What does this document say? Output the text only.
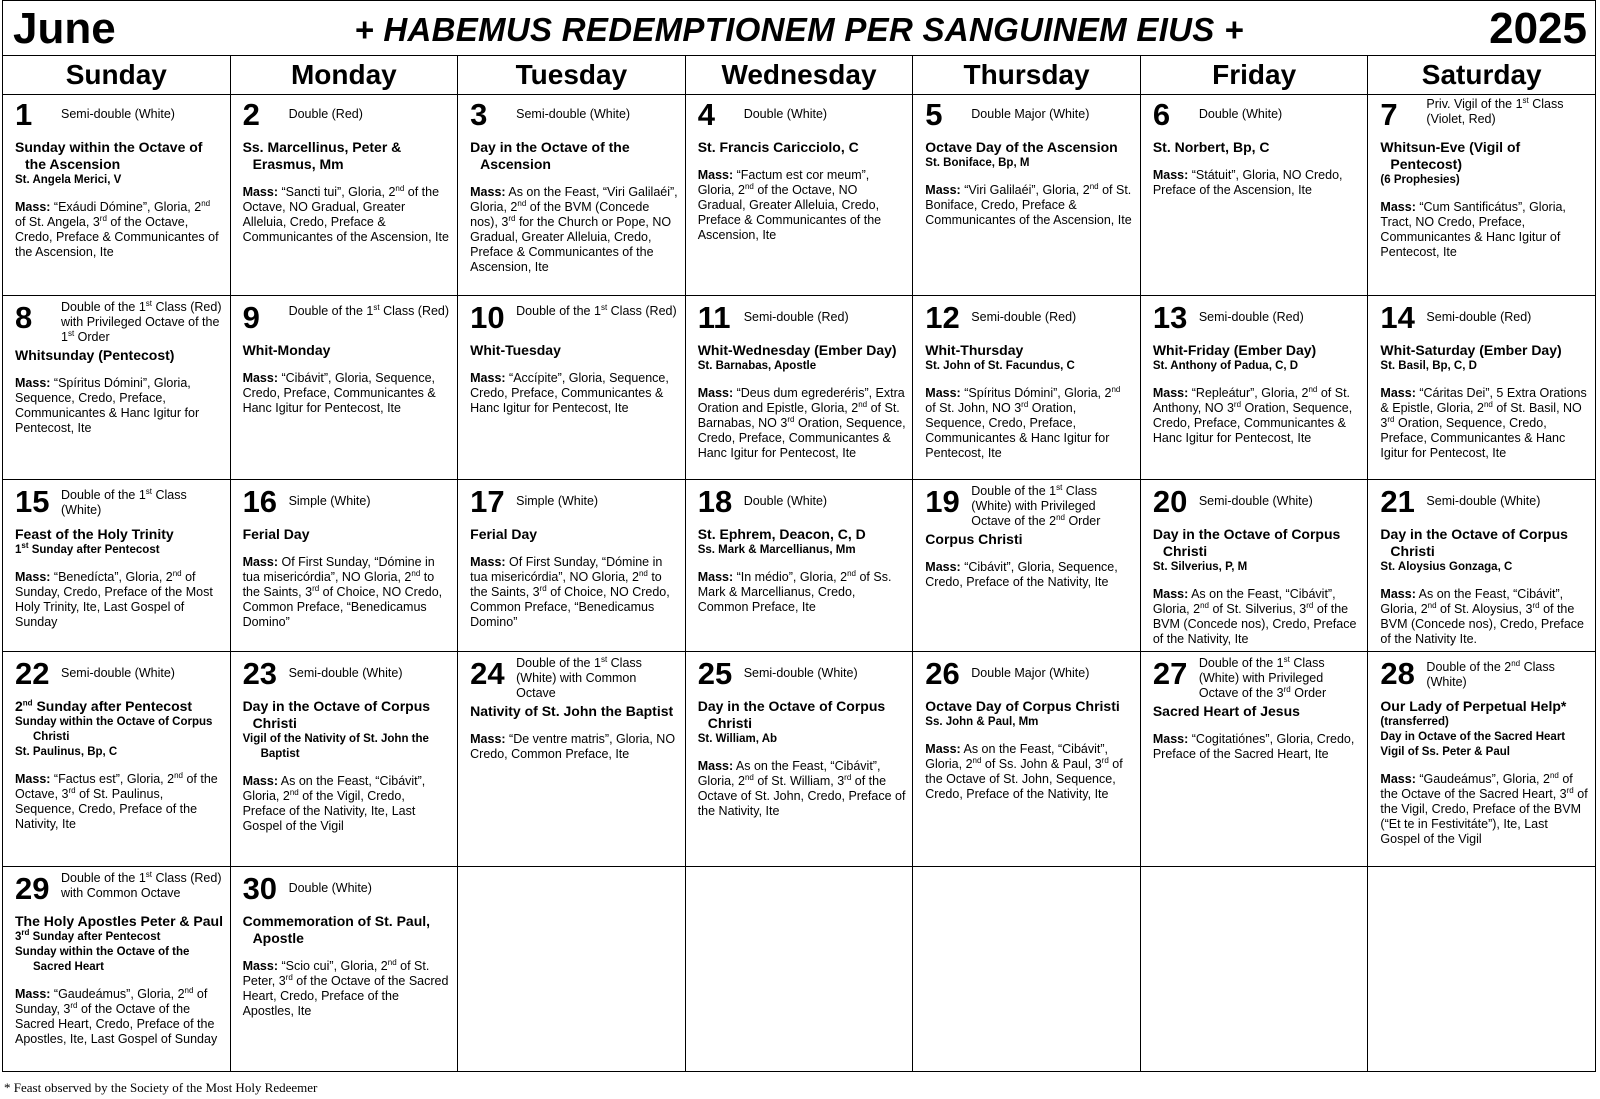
June	+ HABEMUS REDEMPTIONEM PER SANGUINEM EIUS +	2025
Sunday	Monday	Tuesday	Wednesday	Thursday	Friday	Saturday
1	Semi-double (White)
Sunday within the Octave of the Ascension
St. Angela Merici, V
Mass: “Exáudi Dómine”, Gloria, 2nd of St. Angela, 3rd of the Octave, Credo, Preface & Communicantes of the Ascension, Ite
2	Double (Red)
Ss. Marcellinus, Peter & Erasmus, Mm
Mass: “Sancti tui”, Gloria, 2nd of the Octave, NO Gradual, Greater Alleluia, Credo, Preface & Communicantes of the Ascension, Ite
3	Semi-double (White)
Day in the Octave of the Ascension
Mass: As on the Feast, “Viri Galilaéi”, Gloria, 2nd of the BVM (Concede nos), 3rd for the Church or Pope, NO Gradual, Greater Alleluia, Credo, Preface & Communicantes of the Ascension, Ite
4	Double (White)
St. Francis Caricciolo, C
Mass: “Factum est cor meum”, Gloria, 2nd of the Octave, NO Gradual, Greater Alleluia, Credo, Preface & Communicantes of the Ascension, Ite
5	Double Major (White)
Octave Day of the Ascension
St. Boniface, Bp, M
Mass: “Viri Galilaéi”, Gloria, 2nd of St. Boniface, Credo, Preface & Communicantes of the Ascension, Ite
6	Double (White)
St. Norbert, Bp, C
Mass: “Státuit”, Gloria, NO Credo, Preface of the Ascension, Ite
7	Priv. Vigil of the 1st Class (Violet, Red)
Whitsun-Eve (Vigil of Pentecost)
(6 Prophesies)
Mass: “Cum Santificátus”, Gloria, Tract, NO Credo, Preface, Communicantes & Hanc Igitur of Pentecost, Ite
8	Double of the 1st Class (Red) with Privileged Octave of the 1st Order
Whitsunday (Pentecost)
Mass: “Spíritus Dómini”, Gloria, Sequence, Credo, Preface, Communicantes & Hanc Igitur for Pentecost, Ite
9	Double of the 1st Class (Red)
Whit-Monday
Mass: “Cibávit”, Gloria, Sequence, Credo, Preface, Communicantes & Hanc Igitur for Pentecost, Ite
10 Double of the 1st Class (Red)
Whit-Tuesday
Mass: “Accípite”, Gloria, Sequence, Credo, Preface, Communicantes & Hanc Igitur for Pentecost, Ite
11	Semi-double (Red)
Whit-Wednesday (Ember Day)
St. Barnabas, Apostle
Mass: “Deus dum egrederéris”, Extra Oration and Epistle, Gloria, 2nd of St. Barnabas, NO 3rd Oration, Sequence, Credo, Preface, Communicantes & Hanc Igitur for Pentecost, Ite
12 Semi-double (Red)
Whit-Thursday
St. John of St. Facundus, C
Mass: “Spíritus Dómini”, Gloria, 2nd of St. John, NO 3rd Oration, Sequence, Credo, Preface, Communicantes & Hanc Igitur for Pentecost, Ite
13 Semi-double (Red)
Whit-Friday (Ember Day)
St. Anthony of Padua, C, D
Mass: “Repleátur”, Gloria, 2nd of St. Anthony, NO 3rd Oration, Sequence, Credo, Preface, Communicantes & Hanc Igitur for Pentecost, Ite
14 Semi-double (Red)
Whit-Saturday (Ember Day)
St. Basil, Bp, C, D
Mass: “Cáritas Dei”, 5 Extra Orations & Epistle, Gloria, 2nd of St. Basil, NO 3rd Oration, Sequence, Credo, Preface, Communicantes & Hanc Igitur for Pentecost, Ite
15 Double of the 1st Class (White)
Feast of the Holy Trinity
1st Sunday after Pentecost
Mass: “Benedícta”, Gloria, 2nd of Sunday, Credo, Preface of the Most Holy Trinity, Ite, Last Gospel of Sunday
16 Simple (White)
Ferial Day
Mass: Of First Sunday, “Dómine in tua misericórdia”, NO Gloria, 2nd to the Saints, 3rd of Choice, NO Credo, Common Preface, “Benedicamus Domino”
17 Simple (White)
Ferial Day
Mass: Of First Sunday, “Dómine in tua misericórdia”, NO Gloria, 2nd to the Saints, 3rd of Choice, NO Credo, Common Preface, “Benedicamus Domino”
18 Double (White)
St. Ephrem, Deacon, C, D
Ss. Mark & Marcellianus, Mm
Mass: “In médio”, Gloria, 2nd of Ss. Mark & Marcellianus, Credo, Common Preface, Ite
19 Double of the 1st Class (White) with Privileged Octave of the 2nd Order
Corpus Christi
Mass: “Cibávit”, Gloria, Sequence, Credo, Preface of the Nativity, Ite
20 Semi-double (White)
Day in the Octave of Corpus Christi
St. Silverius, P, M
Mass: As on the Feast, “Cibávit”, Gloria, 2nd of St. Silverius, 3rd of the BVM (Concede nos), Credo, Preface of the Nativity, Ite
21 Semi-double (White)
Day in the Octave of Corpus Christi
St. Aloysius Gonzaga, C
Mass: As on the Feast, “Cibávit”, Gloria, 2nd of St. Aloysius, 3rd of the BVM (Concede nos), Credo, Preface of the Nativity Ite.
22 Semi-double (White)
2nd Sunday after Pentecost
Sunday within the Octave of Corpus Christi
St. Paulinus, Bp, C
Mass: “Factus est”, Gloria, 2nd of the Octave, 3rd of St. Paulinus, Sequence, Credo, Preface of the Nativity, Ite
23 Semi-double (White)
Day in the Octave of Corpus Christi
Vigil of the Nativity of St. John the Baptist
Mass: As on the Feast, “Cibávit”, Gloria, 2nd of the Vigil, Credo, Preface of the Nativity, Ite, Last Gospel of the Vigil
24 Double of the 1st Class (White) with Common Octave
Nativity of St. John the Baptist
Mass: “De ventre matris”, Gloria, NO Credo, Common Preface, Ite
25 Semi-double (White)
Day in the Octave of Corpus Christi
St. William, Ab
Mass: As on the Feast, “Cibávit”, Gloria, 2nd of St. William, 3rd of the Octave of St. John, Credo, Preface of the Nativity, Ite
26 Double Major (White)
Octave Day of Corpus Christi
Ss. John & Paul, Mm
Mass: As on the Feast, “Cibávit”, Gloria, 2nd of Ss. John & Paul, 3rd of the Octave of St. John, Sequence, Credo, Preface of the Nativity, Ite
27 Double of the 1st Class (White) with Privileged Octave of the 3rd Order
Sacred Heart of Jesus
Mass: “Cogitatiónes”, Gloria, Credo, Preface of the Sacred Heart, Ite
28 Double of the 2nd Class (White)
Our Lady of Perpetual Help*
(transferred)
Day in Octave of the Sacred Heart
Vigil of Ss. Peter & Paul
Mass: “Gaudeámus”, Gloria, 2nd of the Octave of the Sacred Heart, 3rd of the Vigil, Credo, Preface of the BVM (“Et te in Festivitáte”), Ite, Last Gospel of the Vigil
29 Double of the 1st Class (Red) with Common Octave
The Holy Apostles Peter & Paul
3rd Sunday after Pentecost
Sunday within the Octave of the Sacred Heart
Mass: “Gaudeámus”, Gloria, 2nd of Sunday, 3rd of the Octave of the Sacred Heart, Credo, Preface of the Apostles, Ite, Last Gospel of Sunday
30 Double (White)
Commemoration of St. Paul, Apostle
Mass: “Scio cui”, Gloria, 2nd of St. Peter, 3rd of the Octave of the Sacred Heart, Credo, Preface of the Apostles, Ite
* Feast observed by the Society of the Most Holy Redeemer
